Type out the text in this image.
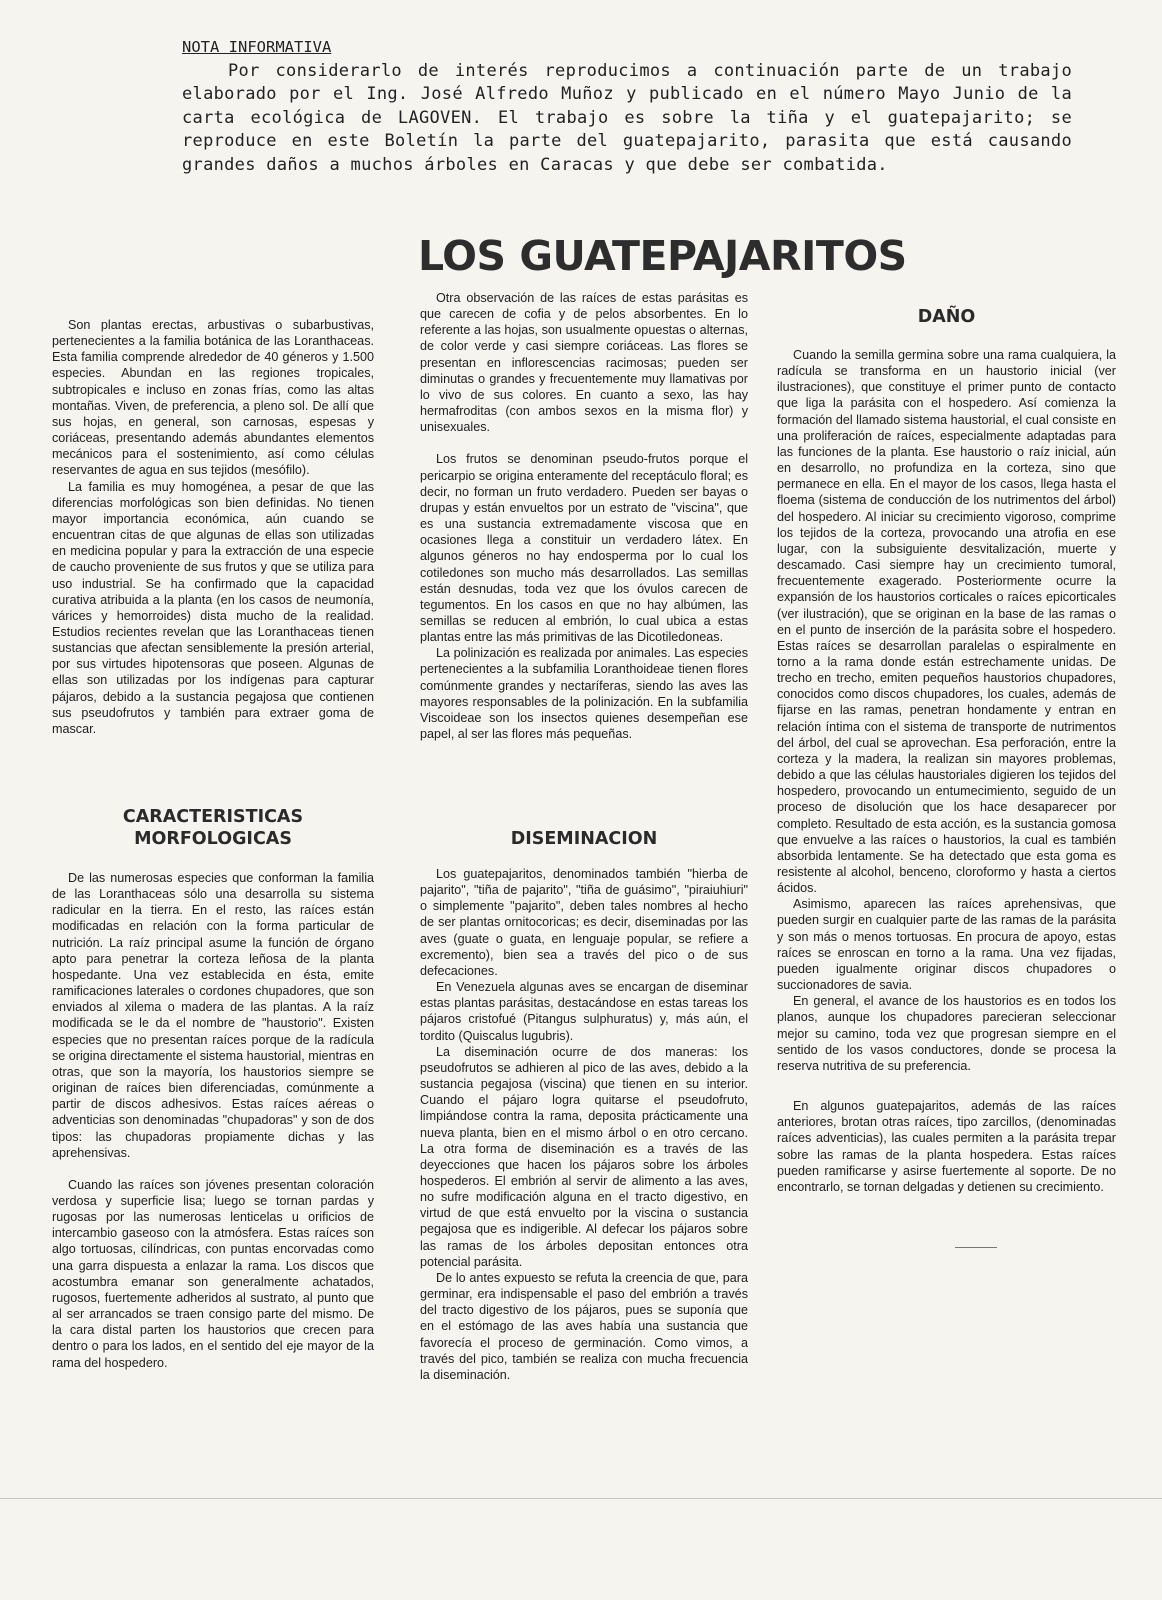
NOTA INFORMATIVA

Por considerarlo de interés reproducimos a continuación parte de un trabajo elaborado por el Ing. José Alfredo Muñoz y publicado en el número Mayo Junio de la carta ecológica de LAGOVEN. El trabajo es sobre la tiña y el guatepajarito; se reproduce en este Boletín la parte del guatepajarito, parasita que está causando grandes daños a muchos árboles en Caracas y que debe ser combatida.

LOS GUATEPAJARITOS

Son plantas erectas, arbustivas o subarbustivas, pertenecientes a la familia botánica de las Loranthaceas. Esta familia comprende alrededor de 40 géneros y 1.500 especies. Abundan en las regiones tropicales, subtropicales e incluso en zonas frías, como las altas montañas. Viven, de preferencia, a pleno sol. De allí que sus hojas, en general, son carnosas, espesas y coriáceas, presentando además abundantes elementos mecánicos para el sostenimiento, así como células reservantes de agua en sus tejidos (mesófilo).

La familia es muy homogénea, a pesar de que las diferencias morfológicas son bien definidas. No tienen mayor importancia económica, aún cuando se encuentran citas de que algunas de ellas son utilizadas en medicina popular y para la extracción de una especie de caucho proveniente de sus frutos y que se utiliza para uso industrial. Se ha confirmado que la capacidad curativa atribuida a la planta (en los casos de neumonía, várices y hemorroides) dista mucho de la realidad. Estudios recientes revelan que las Loranthaceas tienen sustancias que afectan sensiblemente la presión arterial, por sus virtudes hipotensoras que poseen. Algunas de ellas son utilizadas por los indígenas para capturar pájaros, debido a la sustancia pegajosa que contienen sus pseudofrutos y también para extraer goma de mascar.

CARACTERISTICAS
MORFOLOGICAS

De las numerosas especies que conforman la familia de las Loranthaceas sólo una desarrolla su sistema radicular en la tierra. En el resto, las raíces están modificadas en relación con la forma particular de nutrición. La raíz principal asume la función de órgano apto para penetrar la corteza leñosa de la planta hospedante. Una vez establecida en ésta, emite ramificaciones laterales o cordones chupadores, que son enviados al xilema o madera de las plantas. A la raíz modificada se le da el nombre de "haustorio". Existen especies que no presentan raíces porque de la radícula se origina directamente el sistema haustorial, mientras en otras, que son la mayoría, los haustorios siempre se originan de raíces bien diferenciadas, comúnmente a partir de discos adhesivos. Estas raíces aéreas o adventicias son denominadas "chupadoras" y son de dos tipos: las chupadoras propiamente dichas y las aprehensivas.

Cuando las raíces son jóvenes presentan coloración verdosa y superficie lisa; luego se tornan pardas y rugosas por las numerosas lenticelas u orificios de intercambio gaseoso con la atmósfera. Estas raíces son algo tortuosas, cilíndricas, con puntas encorvadas como una garra dispuesta a enlazar la rama. Los discos que acostumbra emanar son generalmente achatados, rugosos, fuertemente adheridos al sustrato, al punto que al ser arrancados se traen consigo parte del mismo. De la cara distal parten los haustorios que crecen para dentro o para los lados, en el sentido del eje mayor de la rama del hospedero.

Otra observación de las raíces de estas parásitas es que carecen de cofia y de pelos absorbentes. En lo referente a las hojas, son usualmente opuestas o alternas, de color verde y casi siempre coriáceas. Las flores se presentan en inflorescencias racimosas; pueden ser diminutas o grandes y frecuentemente muy llamativas por lo vivo de sus colores. En cuanto a sexo, las hay hermafroditas (con ambos sexos en la misma flor) y unisexuales.

Los frutos se denominan pseudo-frutos porque el pericarpio se origina enteramente del receptáculo floral; es decir, no forman un fruto verdadero. Pueden ser bayas o drupas y están envueltos por un estrato de "viscina", que es una sustancia extremadamente viscosa que en ocasiones llega a constituir un verdadero látex. En algunos géneros no hay endosperma por lo cual los cotiledones son mucho más desarrollados. Las semillas están desnudas, toda vez que los óvulos carecen de tegumentos. En los casos en que no hay albúmen, las semillas se reducen al embrión, lo cual ubica a estas plantas entre las más primitivas de las Dicotiledoneas.

La polinización es realizada por animales. Las especies pertenecientes a la subfamilia Loranthoideae tienen flores comúnmente grandes y nectaríferas, siendo las aves las mayores responsables de la polinización. En la subfamilia Viscoideae son los insectos quienes desempeñan ese papel, al ser las flores más pequeñas.

DISEMINACION

Los guatepajaritos, denominados también "hierba de pajarito", "tiña de pajarito", "tiña de guásimo", "piraiuhiuri" o simplemente "pajarito", deben tales nombres al hecho de ser plantas ornitocoricas; es decir, diseminadas por las aves (guate o guata, en lenguaje popular, se refiere a excremento), bien sea a través del pico o de sus defecaciones.

En Venezuela algunas aves se encargan de diseminar estas plantas parásitas, destacándose en estas tareas los pájaros cristofué (Pitangus sulphuratus) y, más aún, el tordito (Quiscalus lugubris).

La diseminación ocurre de dos maneras: los pseudofrutos se adhieren al pico de las aves, debido a la sustancia pegajosa (viscina) que tienen en su interior. Cuando el pájaro logra quitarse el pseudofruto, limpiándose contra la rama, deposita prácticamente una nueva planta, bien en el mismo árbol o en otro cercano. La otra forma de diseminación es a través de las deyecciones que hacen los pájaros sobre los árboles hospederos. El embrión al servir de alimento a las aves, no sufre modificación alguna en el tracto digestivo, en virtud de que está envuelto por la viscina o sustancia pegajosa que es indigerible. Al defecar los pájaros sobre las ramas de los árboles depositan entonces otra potencial parásita.

De lo antes expuesto se refuta la creencia de que, para germinar, era indispensable el paso del embrión a través del tracto digestivo de los pájaros, pues se suponía que en el estómago de las aves había una sustancia que favorecía el proceso de germinación. Como vimos, a través del pico, también se realiza con mucha frecuencia la diseminación.

DAÑO

Cuando la semilla germina sobre una rama cualquiera, la radícula se transforma en un haustorio inicial (ver ilustraciones), que constituye el primer punto de contacto que liga la parásita con el hospedero. Así comienza la formación del llamado sistema haustorial, el cual consiste en una proliferación de raíces, especialmente adaptadas para las funciones de la planta. Ese haustorio o raíz inicial, aún en desarrollo, no profundiza en la corteza, sino que permanece en ella. En el mayor de los casos, llega hasta el floema (sistema de conducción de los nutrimentos del árbol) del hospedero. Al iniciar su crecimiento vigoroso, comprime los tejidos de la corteza, provocando una atrofia en ese lugar, con la subsiguiente desvitalización, muerte y descamado. Casi siempre hay un crecimiento tumoral, frecuentemente exagerado. Posteriormente ocurre la expansión de los haustorios corticales o raíces epicorticales (ver ilustración), que se originan en la base de las ramas o en el punto de inserción de la parásita sobre el hospedero. Estas raíces se desarrollan paralelas o espiralmente en torno a la rama donde están estrechamente unidas. De trecho en trecho, emiten pequeños haustorios chupadores, conocidos como discos chupadores, los cuales, además de fijarse en las ramas, penetran hondamente y entran en relación íntima con el sistema de transporte de nutrimentos del árbol, del cual se aprovechan. Esa perforación, entre la corteza y la madera, la realizan sin mayores problemas, debido a que las células haustoriales digieren los tejidos del hospedero, provocando un entumecimiento, seguido de un proceso de disolución que los hace desaparecer por completo. Resultado de esta acción, es la sustancia gomosa que envuelve a las raíces o haustorios, la cual es también absorbida lentamente. Se ha detectado que esta goma es resistente al alcohol, benceno, cloroformo y hasta a ciertos ácidos.

Asimismo, aparecen las raíces aprehensivas, que pueden surgir en cualquier parte de las ramas de la parásita y son más o menos tortuosas. En procura de apoyo, estas raíces se enroscan en torno a la rama. Una vez fijadas, pueden igualmente originar discos chupadores o succionadores de savia.

En general, el avance de los haustorios es en todos los planos, aunque los chupadores parecieran seleccionar mejor su camino, toda vez que progresan siempre en el sentido de los vasos conductores, donde se procesa la reserva nutritiva de su preferencia.

En algunos guatepajaritos, además de las raíces anteriores, brotan otras raíces, tipo zarcillos, (denominadas raíces adventicias), las cuales permiten a la parásita trepar sobre las ramas de la planta hospedera. Estas raíces pueden ramificarse y asirse fuertemente al soporte. De no encontrarlo, se tornan delgadas y detienen su crecimiento.
